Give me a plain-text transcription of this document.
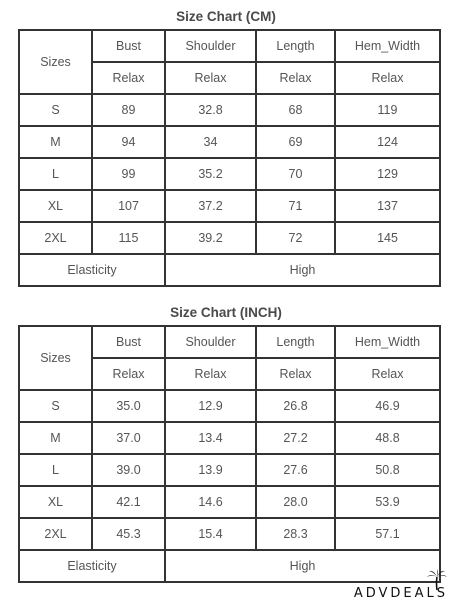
Size Chart (CM)
Sizes	Bust	Shoulder	Length	Hem_Width
	Relax	Relax	Relax	Relax
S	89	32.8	68	119
M	94	34	69	124
L	99	35.2	70	129
XL	107	37.2	71	137
2XL	115	39.2	72	145
Elasticity		High		
Size Chart (INCH)
Sizes	Bust	Shoulder	Length	Hem_Width
	Relax	Relax	Relax	Relax
S	35.0	12.9	26.8	46.9
M	37.0	13.4	27.2	48.8
L	39.0	13.9	27.6	50.8
XL	42.1	14.6	28.0	53.9
2XL	45.3	15.4	28.3	57.1
Elasticity		High		
ADVDEALS
